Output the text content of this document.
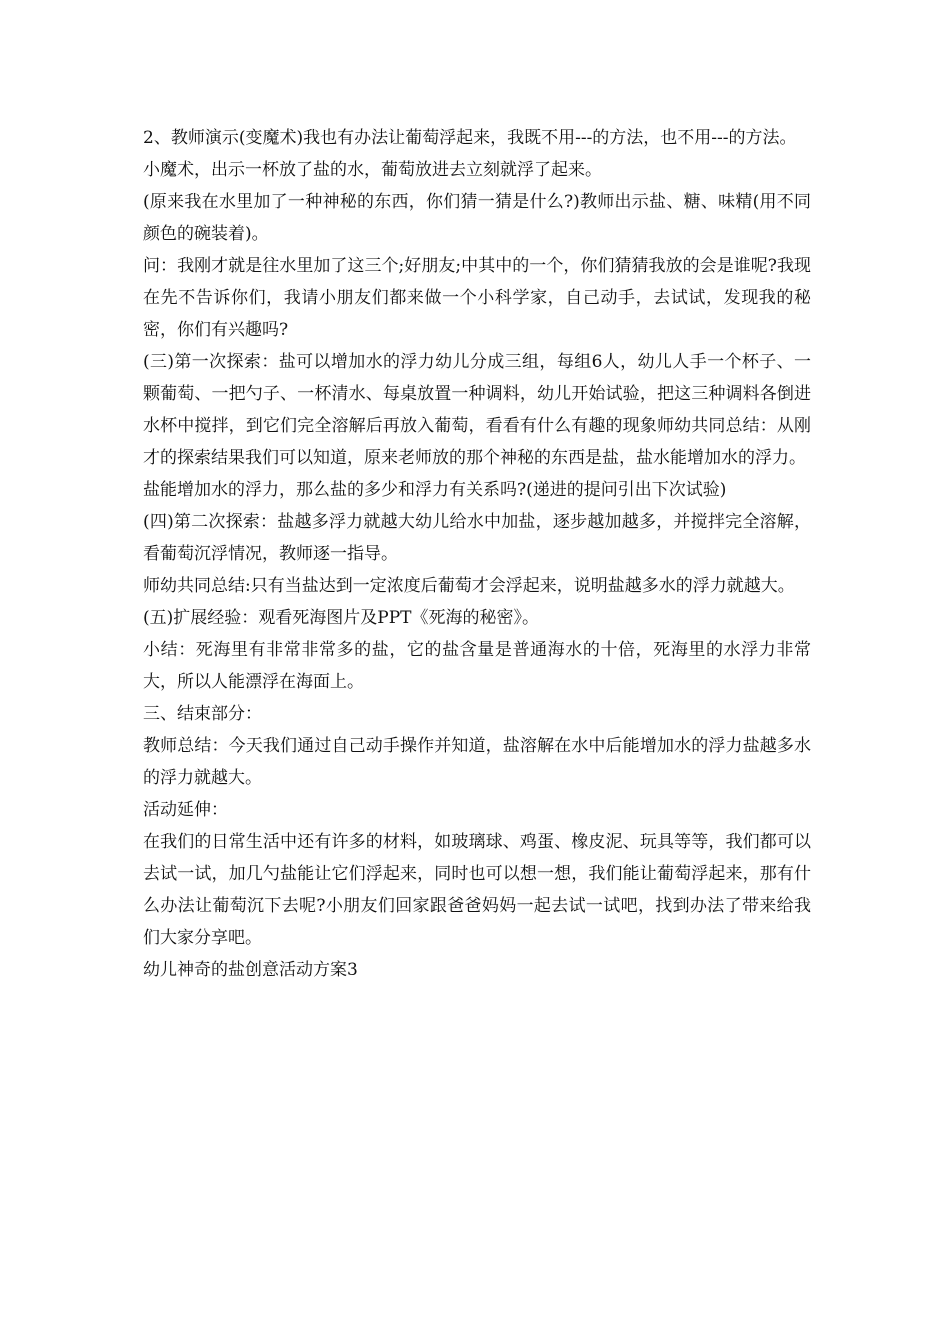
2、教师演示(变魔术)我也有办法让葡萄浮起来，我既不用---的方法，也不用---的方法。

小魔术，出示一杯放了盐的水，葡萄放进去立刻就浮了起来。

(原来我在水里加了一种神秘的东西，你们猜一猜是什么?)教师出示盐、糖、味精(用不同颜色的碗装着)。

问：我刚才就是往水里加了这三个;好朋友;中其中的一个，你们猜猜我放的会是谁呢?我现在先不告诉你们，我请小朋友们都来做一个小科学家，自己动手，去试试，发现我的秘密，你们有兴趣吗?

(三)第一次探索：盐可以增加水的浮力幼儿分成三组，每组6人，幼儿人手一个杯子、一颗葡萄、一把勺子、一杯清水、每桌放置一种调料，幼儿开始试验，把这三种调料各倒进水杯中搅拌，到它们完全溶解后再放入葡萄，看看有什么有趣的现象师幼共同总结：从刚才的探索结果我们可以知道，原来老师放的那个神秘的东西是盐，盐水能增加水的浮力。

盐能增加水的浮力，那么盐的多少和浮力有关系吗?(递进的提问引出下次试验)

(四)第二次探索：盐越多浮力就越大幼儿给水中加盐，逐步越加越多，并搅拌完全溶解，看葡萄沉浮情况，教师逐一指导。

师幼共同总结:只有当盐达到一定浓度后葡萄才会浮起来，说明盐越多水的浮力就越大。

(五)扩展经验：观看死海图片及PPT《死海的秘密》。

小结：死海里有非常非常多的盐，它的盐含量是普通海水的十倍，死海里的水浮力非常大，所以人能漂浮在海面上。

三、结束部分：

教师总结：今天我们通过自己动手操作并知道，盐溶解在水中后能增加水的浮力盐越多水的浮力就越大。

活动延伸：

在我们的日常生活中还有许多的材料，如玻璃球、鸡蛋、橡皮泥、玩具等等，我们都可以去试一试，加几勺盐能让它们浮起来，同时也可以想一想，我们能让葡萄浮起来，那有什么办法让葡萄沉下去呢?小朋友们回家跟爸爸妈妈一起去试一试吧，找到办法了带来给我们大家分享吧。

幼儿神奇的盐创意活动方案3
